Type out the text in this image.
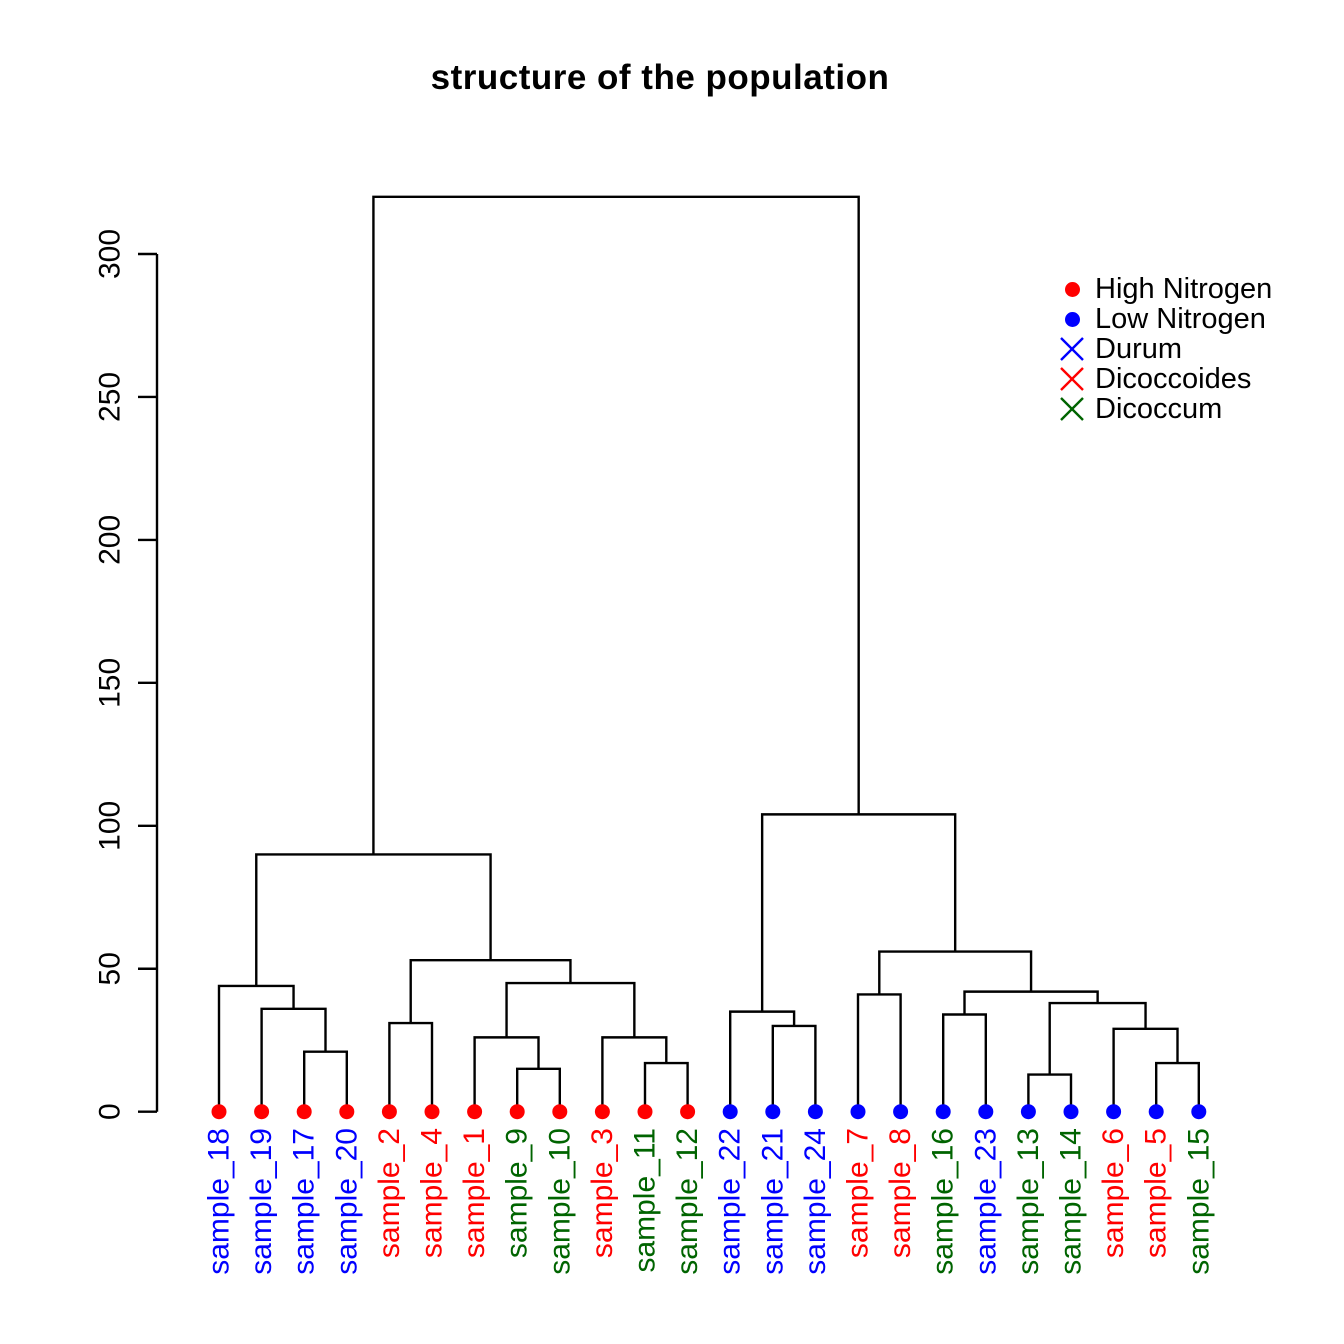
structure of the population
0
50
100
150
200
250
300
sample_18 sample_19 sample_17 sample_20 sample_2 sample_4 sample_1 sample_9 sample_10 sample_3 sample_11 sample_12 sample_22 sample_21 sample_24 sample_7 sample_8 sample_16 sample_23 sample_13 sample_14 sample_6 sample_5 sample_15
High Nitrogen
Low Nitrogen
Durum
Dicoccoides
Dicoccum
